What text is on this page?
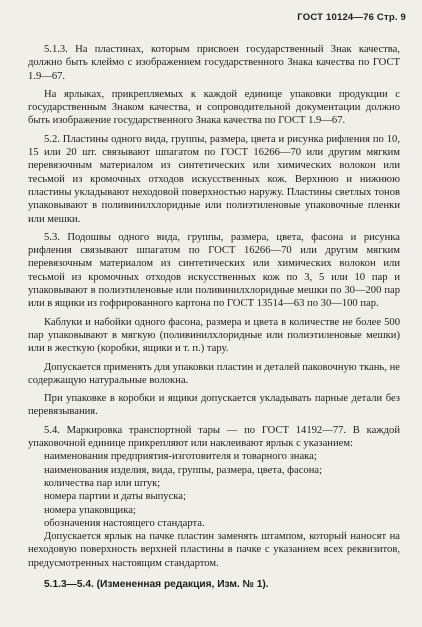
ГОСТ 10124—76 Стр. 9

5.1.3. На пластинах, которым присвоен государственный Знак качества, должно быть клеймо с изображением государственного Знака качества по ГОСТ 1.9—67.

На ярлыках, прикрепляемых к каждой единице упаковки продукции с государственным Знаком качества, и сопроводительной документации должно быть изображение государственного Знака качества по ГОСТ 1.9—67.

5.2. Пластины одного вида, группы, размера, цвета и рисунка рифления по 10, 15 или 20 шт. связывают шпагатом по ГОСТ 16266—70 или другим мягким перевязочным материалом из синтетических или химических волокон или тесьмой из кромочных отходов искусственных кож. Верхнюю и нижнюю пластины укладывают неходовой поверхностью наружу. Пластины светлых тонов упаковывают в поливинилхлоридные или полиэтиленовые упаковочные пленки или мешки.

5.3. Подошвы одного вида, группы, размера, цвета, фасона и рисунка рифления связывают шпагатом по ГОСТ 16266—70 или другим мягким перевязочным материалом из синтетических или химических волокон или тесьмой из кромочных отходов искусственных кож по 3, 5 или 10 пар и упаковывают в полиэтиленовые или поливинилхлоридные мешки по 30—200 пар или в ящики из гофрированного картона по ГОСТ 13514—63 по 30—100 пар.

Каблуки и набойки одного фасона, размера и цвета в количестве не более 500 пар упаковывают в мягкую (поливинилхлоридные или полиэтиленовые мешки) или в жесткую (коробки, ящики и т. п.) тару.

Допускается применять для упаковки пластин и деталей паковочную ткань, не содержащую натуральные волокна.

При упаковке в коробки и ящики допускается укладывать парные детали без перевязывания.

5.4. Маркировка транспортной тары — по ГОСТ 14192—77. В каждой упаковочной единице прикрепляют или наклеивают ярлык с указанием:

наименования предприятия-изготовителя и товарного знака;
наименования изделия, вида, группы, размера, цвета, фасона;
количества пар или штук;
номера партии и даты выпуска;
номера упаковщика;
обозначения настоящего стандарта.

Допускается ярлык на пачке пластин заменять штампом, который наносят на неходовую поверхность верхней пластины в пачке с указанием всех реквизитов, предусмотренных настоящим стандартом.

5.1.3—5.4. (Измененная редакция, Изм. № 1).
